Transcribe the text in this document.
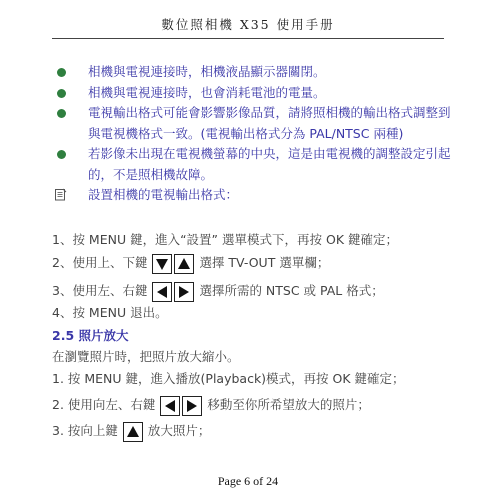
數位照相機 X35 使用手册
相機與電視連接時，相機液晶顯示器關閉。
相機與電視連接時，也會消耗電池的電量。
電視輸出格式可能會影響影像品質，請將照相機的輸出格式調整到與電視機格式一致。(電視輸出格式分為 PAL/NTSC 兩種)
若影像未出現在電視機螢幕的中央，這是由電視機的調整設定引起的，不是照相機故障。
設置相機的電視輸出格式：
1、按 MENU 鍵，進入“設置” 選單模式下，再按 OK 鍵確定；
2、使用上、下鍵	選擇 TV-OUT 選單欄；
3、使用左、右鍵	選擇所需的 NTSC 或 PAL 格式；
4、按 MENU 退出。
2.5 照片放大
在瀏覽照片時，把照片放大縮小。
1. 按 MENU 鍵，進入播放(Playback)模式，再按 OK 鍵確定；
2. 使用向左、右鍵	移動至你所希望放大的照片；
3. 按向上鍵 放大照片；
Page 6 of 24
